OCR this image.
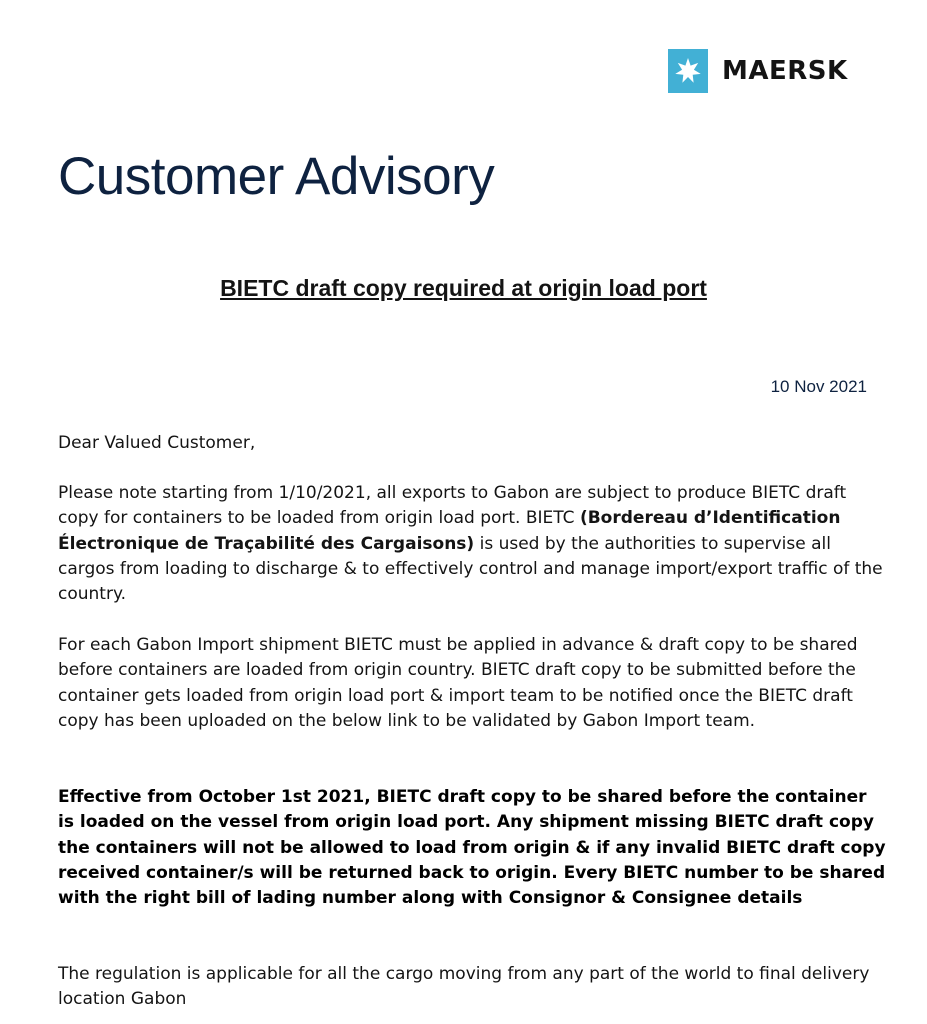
MAERSK
Customer Advisory
BIETC draft copy required at origin load port
10 Nov 2021

Dear Valued Customer,

Please note starting from 1/10/2021, all exports to Gabon are subject to produce BIETC draft copy for containers to be loaded from origin load port. BIETC (Bordereau d’Identification Électronique de Traçabilité des Cargaisons) is used by the authorities to supervise all cargos from loading to discharge & to effectively control and manage import/export traffic of the country.

For each Gabon Import shipment BIETC must be applied in advance & draft copy to be shared before containers are loaded from origin country. BIETC draft copy to be submitted before the container gets loaded from origin load port & import team to be notified once the BIETC draft copy has been uploaded on the below link to be validated by Gabon Import team.

Effective from October 1st 2021, BIETC draft copy to be shared before the container is loaded on the vessel from origin load port. Any shipment missing BIETC draft copy the containers will not be allowed to load from origin & if any invalid BIETC draft copy received container/s will be returned back to origin. Every BIETC number to be shared with the right bill of lading number along with Consignor & Consignee details

The regulation is applicable for all the cargo moving from any part of the world to final delivery location Gabon
